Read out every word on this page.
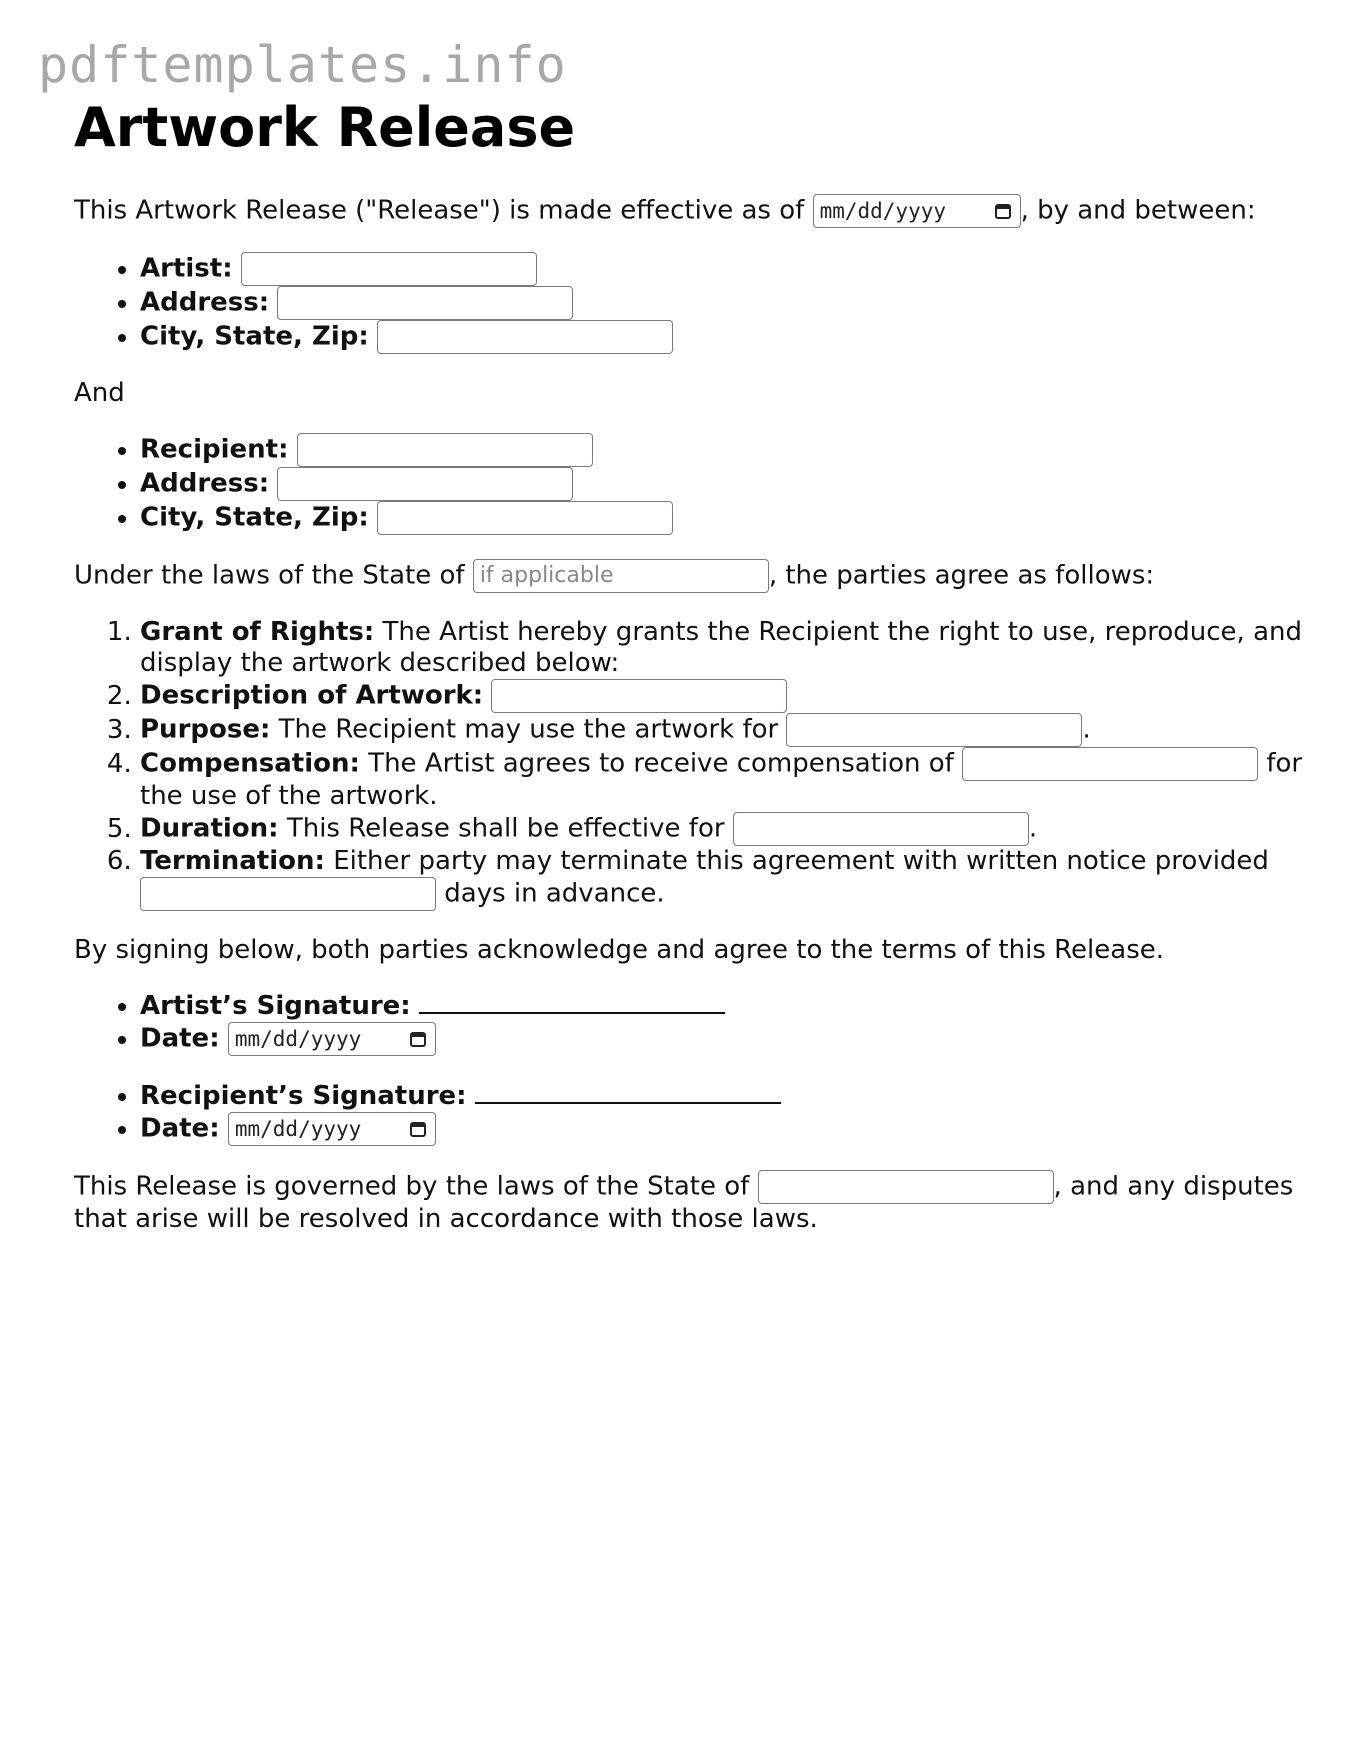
pdftemplates.info
Artwork Release

This Artwork Release ("Release") is made effective as of mm/dd/yyyy	, by and between:

• Artist:
• Address:
• City, State, Zip:

And

• Recipient:
• Address:
• City, State, Zip:

Under the laws of the State of if applicable	, the parties agree as follows:

1. Grant of Rights: The Artist hereby grants the Recipient the right to use, reproduce, and display the artwork described below:
2. Description of Artwork:
3. Purpose: The Recipient may use the artwork for	.
4. Compensation: The Artist agrees to receive compensation of	for the use of the artwork.
5. Duration: This Release shall be effective for	.
6. Termination: Either party may terminate this agreement with written notice provided  days in advance.

By signing below, both parties acknowledge and agree to the terms of this Release.

• Artist’s Signature:
• Date: mm/dd/yyyy
• Recipient’s Signature:
• Date: mm/dd/yyyy

This Release is governed by the laws of the State of	, and any disputes that arise will be resolved in accordance with those laws.
